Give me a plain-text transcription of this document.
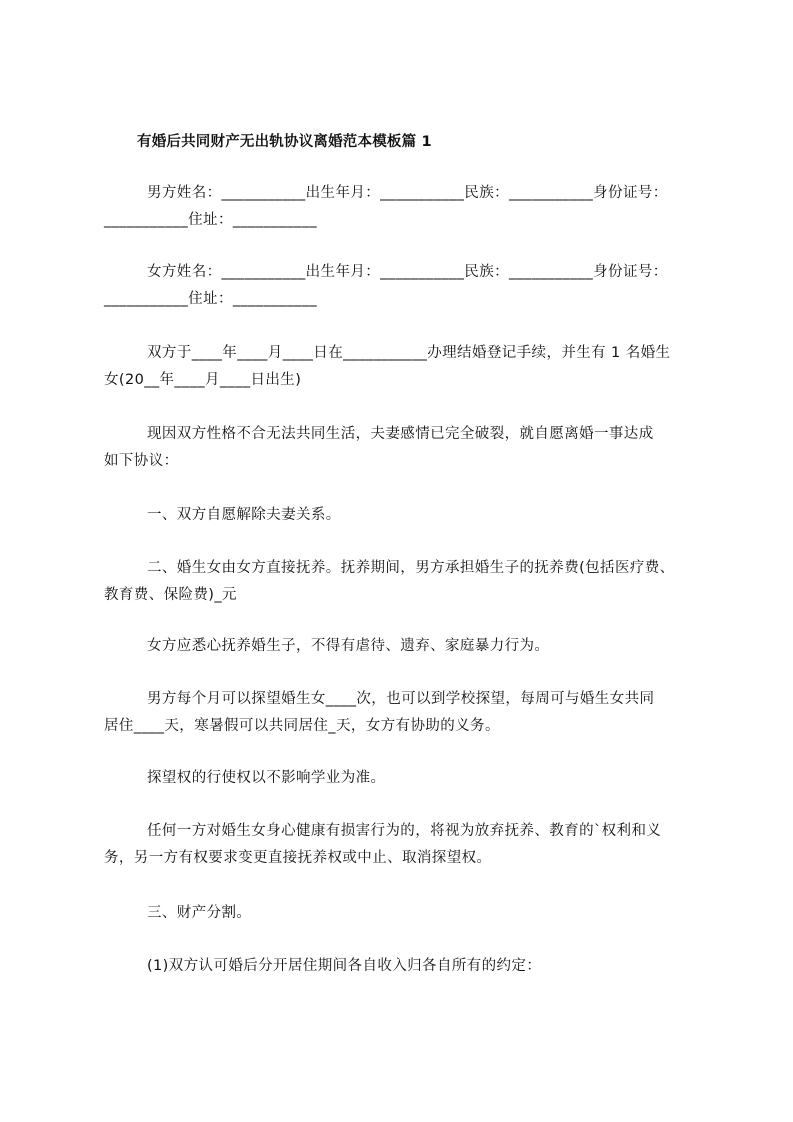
有婚后共同财产无出轨协议离婚范本模板篇 1
男方姓名：___________出生年月：___________民族：___________身份证号：
___________住址：___________
女方姓名：___________出生年月：___________民族：___________身份证号：
___________住址：___________
双方于____年____月____日在___________办理结婚登记手续，并生有 1 名婚生
女(20__年____月____日出生)
现因双方性格不合无法共同生活，夫妻感情已完全破裂，就自愿离婚一事达成
如下协议：
一、双方自愿解除夫妻关系。
二、婚生女由女方直接抚养。抚养期间，男方承担婚生子的抚养费(包括医疗费、
教育费、保险费)_元
女方应悉心抚养婚生子，不得有虐待、遗弃、家庭暴力行为。
男方每个月可以探望婚生女____次，也可以到学校探望，每周可与婚生女共同
居住____天，寒暑假可以共同居住_天，女方有协助的义务。
探望权的行使权以不影响学业为准。
任何一方对婚生女身心健康有损害行为的，将视为放弃抚养、教育的`权利和义
务，另一方有权要求变更直接抚养权或中止、取消探望权。
三、财产分割。
(1)双方认可婚后分开居住期间各自收入归各自所有的约定：
